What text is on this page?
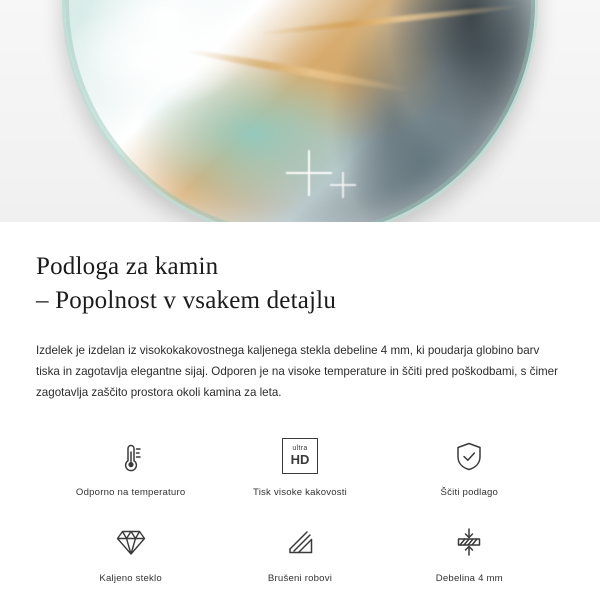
Podloga za kamin
– Popolnost v vsakem detajlu

Izdelek je izdelan iz visokokakovostnega kaljenega stekla debeline 4 mm, ki poudarja globino barv tiska in zagotavlja elegantne sijaj. Odporen je na visoke temperature in ščiti pred poškodbami, s čimer zagotavlja zaščito prostora okoli kamina za leta.

Odporno na temperaturo
ultra
HD
Tisk visoke kakovosti	Ščiti podlago
Kaljeno steklo	Brušeni robovi	Debelina 4 mm
